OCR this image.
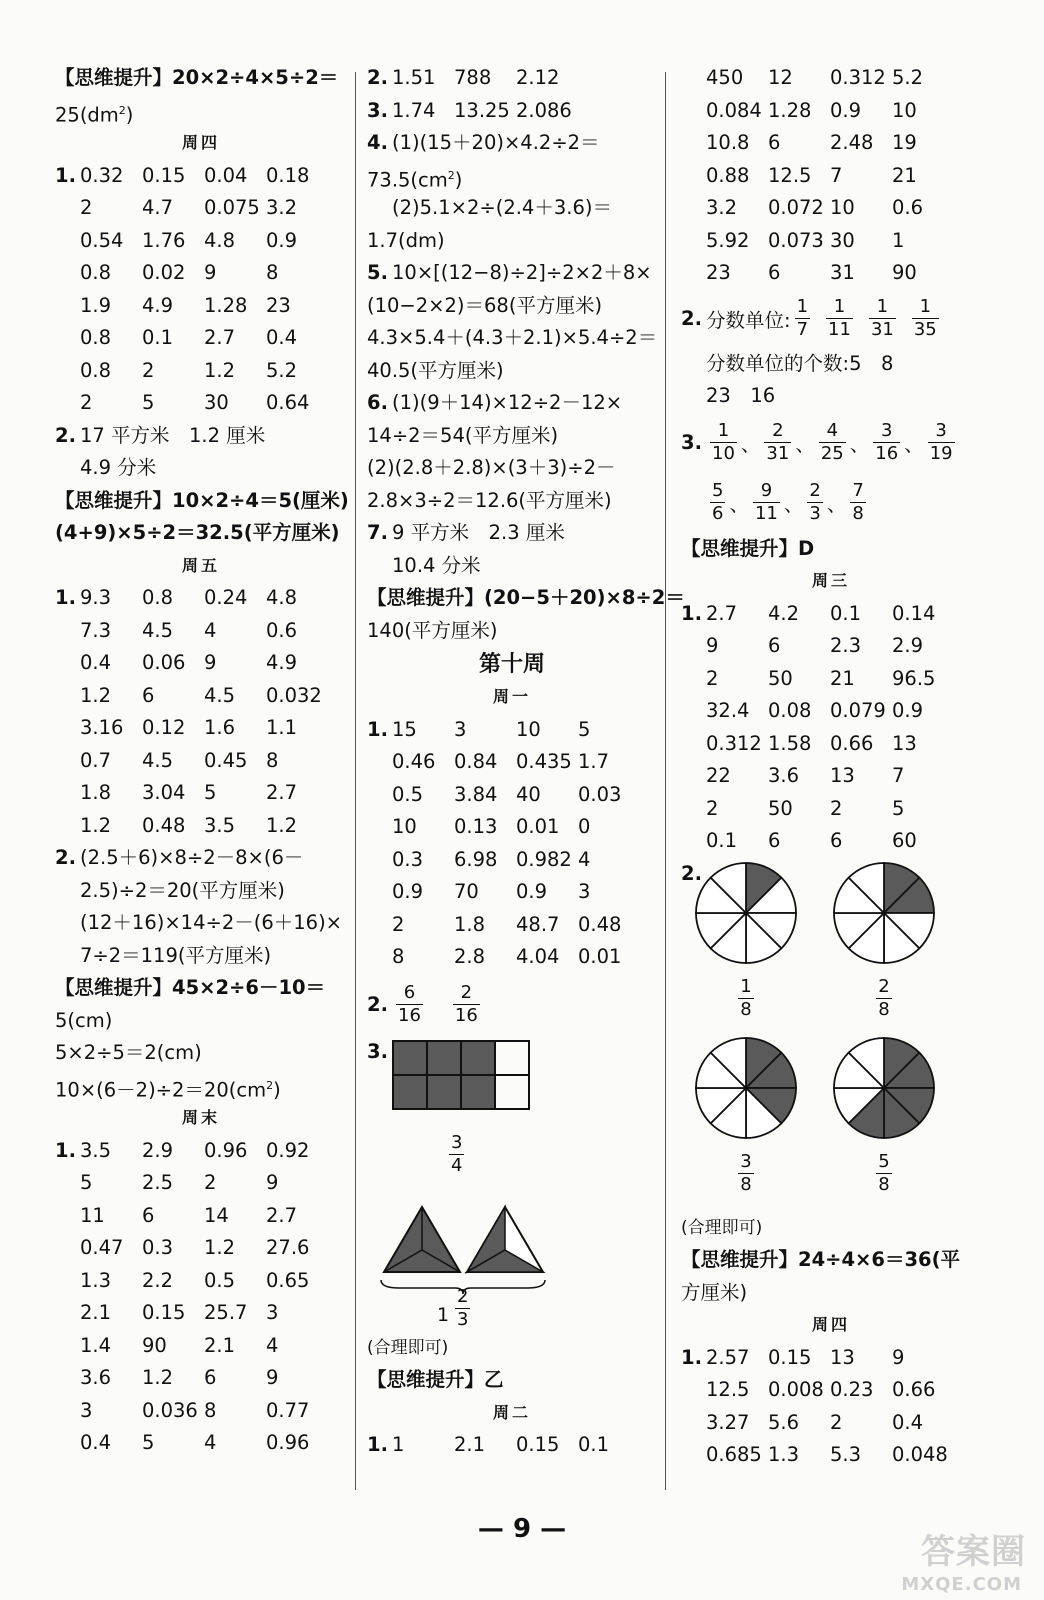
【思维提升】20×2÷4×5÷2＝
$25(dm^2)$
周四
1. 0.32 0.15 0.04 0.18
2	4.7 0.075 3.2
0.54 1.76 4.8 0.9
0.8 0.02 9	8
1.9 4.9 1.28 23
0.8 0.1 2.7 0.4
0.8 2	1.2 5.2
2	5	30 0.64
2. 17 平方米　1.2 厘米
4.9 分米
【思维提升】10×2÷4＝5(厘米)
(4+9)×5÷2＝32.5(平方厘米)
周五
1. 9.3 0.8 0.24 4.8
7.3 4.5 4	0.6
0.4 0.06 9	4.9
1.2 6	4.5 0.032
3.16 0.12 1.6 1.1
0.7 4.5 0.45 8
1.8 3.04 5	2.7
1.2 0.48 3.5 1.2
2. (2.5＋6)×8÷2－8×(6－
2.5)÷2＝20(平方厘米)
(12＋16)×14÷2－(6＋16)×
7÷2＝119(平方厘米)
【思维提升】45×2÷6－10＝
5(cm)
5×2÷5＝2(cm)
$10\times(6-2)\div 2=20(cm^2)$
周末
1. 3.5 2.9 0.96 0.92
5	2.5 2	9
11 6	14 2.7
0.47 0.3 1.2 27.6
1.3 2.2 0.5 0.65
2.1 0.15 25.7 3
1.4 90 2.1 4
3.6 1.2 6	9
3	0.036 8	0.77
0.4 5	4	0.96
2. 1.51 788 2.12
3. 1.74 13.25 2.086
4. (1)(15＋20)×4.2÷2＝
$73.5(cm^2)$
(2)5.1×2÷(2.4＋3.6)＝
1.7(dm)
5. 10×[(12−8)÷2]÷2×2＋8×
(10−2×2)＝68(平方厘米)
4.3×5.4＋(4.3＋2.1)×5.4÷2＝
40.5(平方厘米)
6. (1)(9＋14)×12÷2－12×
14÷2＝54(平方厘米)
(2)(2.8＋2.8)×(3＋3)÷2－
2.8×3÷2＝12.6(平方厘米)
7. 9 平方米　2.3 厘米
10.4 分米
【思维提升】(20−5＋20)×8÷2＝
140(平方厘米)
第十周
周一
1. 15 3	10 5
0.46 0.84 0.435 1.7
0.5 3.84 40 0.03
10 0.13 0.01 0
0.3 6.98 0.982 4
0.9 70 0.9 3
2	1.8 48.7 0.48
8	2.8 4.04 0.01
2.
6
16
2
16
3.
3
4
1
2
3
(合理即可)
【思维提升】乙
周二
1. 1	2.1 0.15 0.1
450 12 0.312 5.2
0.084 1.28 0.9 10
10.8 6	2.48 19
0.88 12.5 7	21
3.2 0.072 10 0.6
5.92 0.073 30 1
23 6	31 90
2. 分数单位:
1
7
1
11
1
31
1
35
分数单位的个数:5　8
23　16
3.
1
10 、
2
31 、
4
25 、
3
16 、
3
19
5
6 、
9
11 、
2
3 、
7
8
【思维提升】D
周三
1. 2.7 4.2 0.1 0.14
9	6	2.3 2.9
2	50 21 96.5
32.4 0.08 0.079 0.9
0.312 1.58 0.66 13
22 3.6 13 7
2	50 2	5
0.1 6	6	60
2.
$\frac{1}{8}$	$\frac{2}{8}$
$\frac{3}{8}$	$\frac{5}{8}$
(合理即可)
【思维提升】24÷4×6＝36(平
方厘米)
周四
1. 2.57 0.15 13 9
12.5 0.008 0.23 0.66
3.27 5.6 2	0.4
0.685 1.3 5.3 0.048
— 9 —
答案圈
MXQE.COM
